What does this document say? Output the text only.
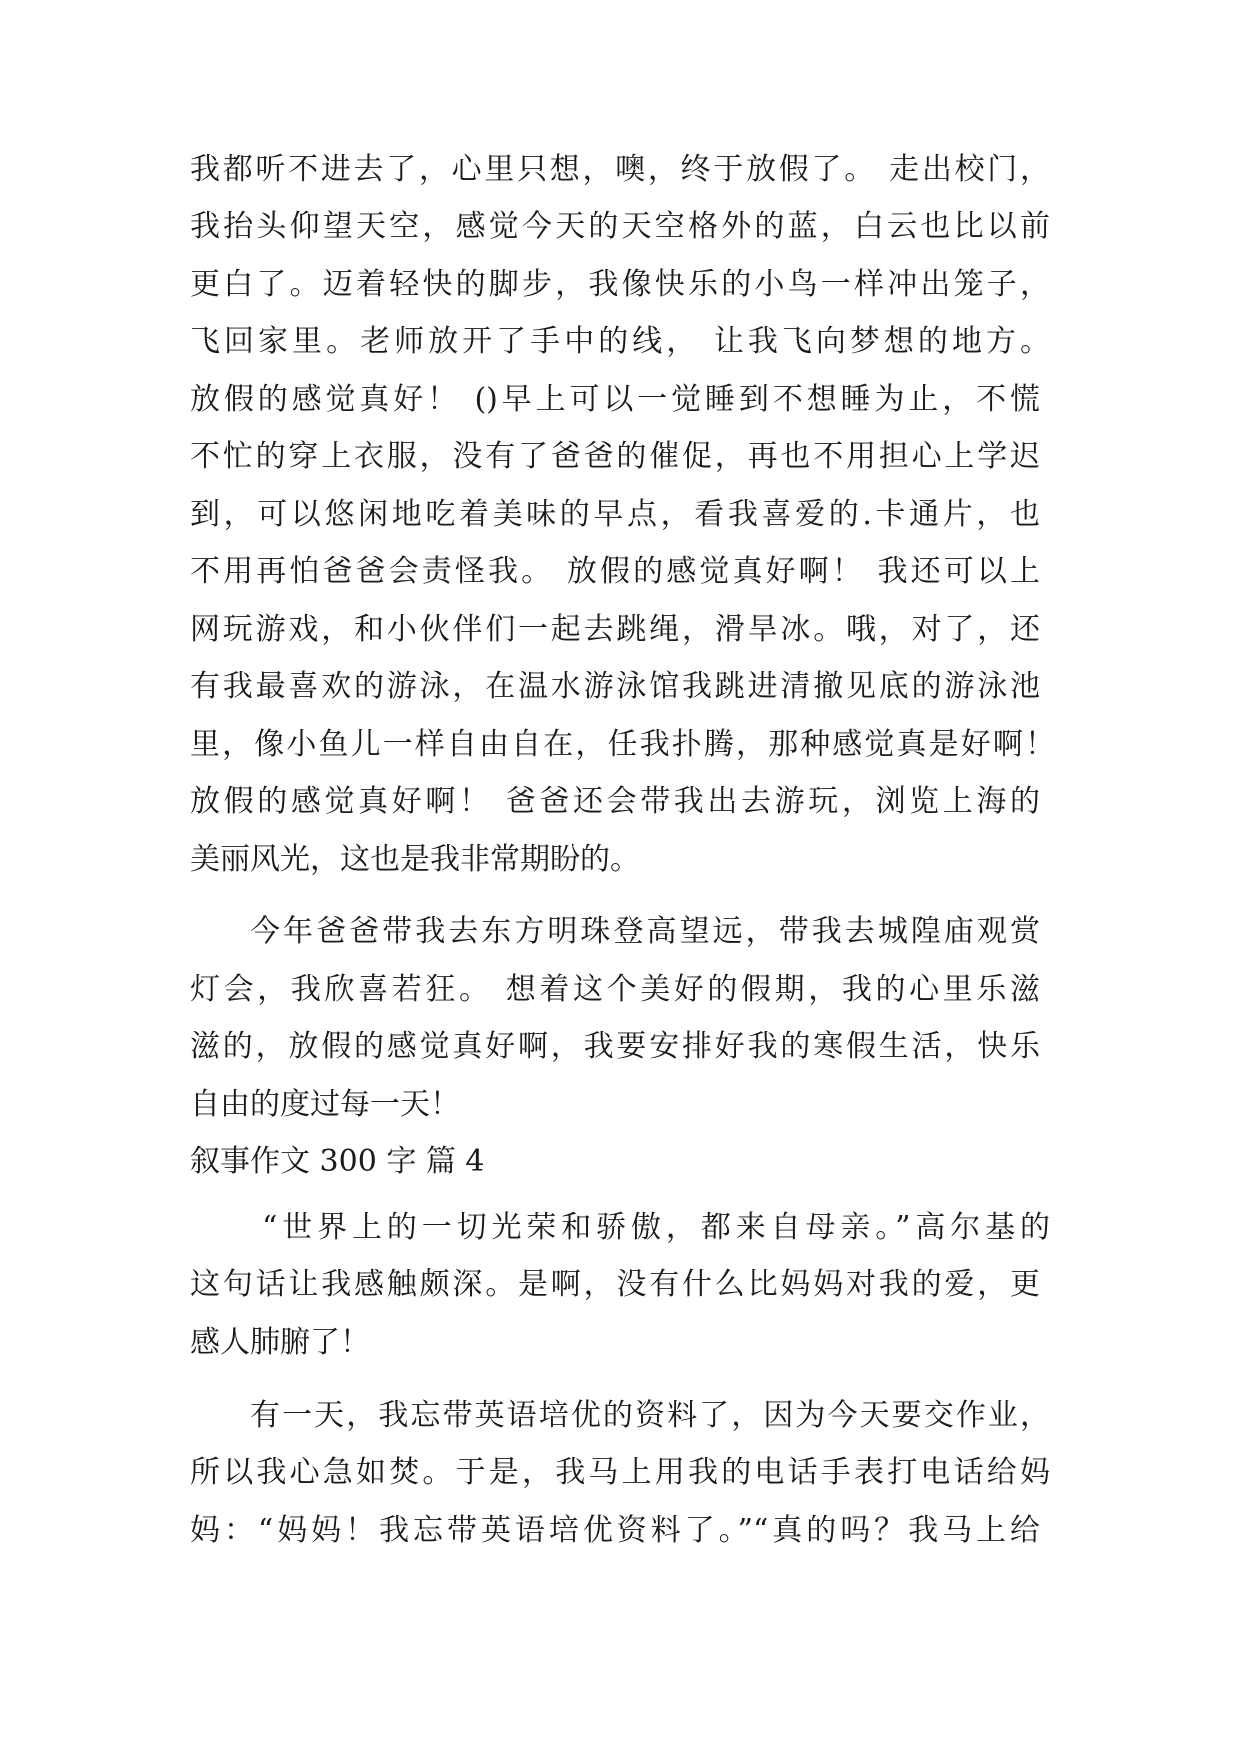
我都听不进去了，心里只想，噢，终于放假了。 走出校门，
我抬头仰望天空，感觉今天的天空格外的蓝，白云也比以前
更白了。迈着轻快的脚步，我像快乐的小鸟一样冲出笼子，
飞回家里。老师放开了手中的线， 让我飞向梦想的地方。
放假的感觉真好！ ()早上可以一觉睡到不想睡为止，不慌
不忙的穿上衣服，没有了爸爸的催促，再也不用担心上学迟
到，可以悠闲地吃着美味的早点，看我喜爱的.卡通片，也
不用再怕爸爸会责怪我。 放假的感觉真好啊！ 我还可以上
网玩游戏，和小伙伴们一起去跳绳，滑旱冰。哦，对了，还
有我最喜欢的游泳，在温水游泳馆我跳进清撤见底的游泳池
里，像小鱼儿一样自由自在，任我扑腾，那种感觉真是好啊！
放假的感觉真好啊！ 爸爸还会带我出去游玩，浏览上海的
美丽风光，这也是我非常期盼的。
今年爸爸带我去东方明珠登高望远，带我去城隍庙观赏
灯会，我欣喜若狂。 想着这个美好的假期，我的心里乐滋
滋的，放假的感觉真好啊，我要安排好我的寒假生活，快乐
自由的度过每一天！
叙事作文 300 字 篇 4
“世界上的一切光荣和骄傲，都来自母亲。”高尔基的
这句话让我感触颇深。是啊，没有什么比妈妈对我的爱，更
感人肺腑了！
有一天，我忘带英语培优的资料了，因为今天要交作业，
所以我心急如焚。于是，我马上用我的电话手表打电话给妈
妈：“妈妈！我忘带英语培优资料了。”“真的吗？我马上给
